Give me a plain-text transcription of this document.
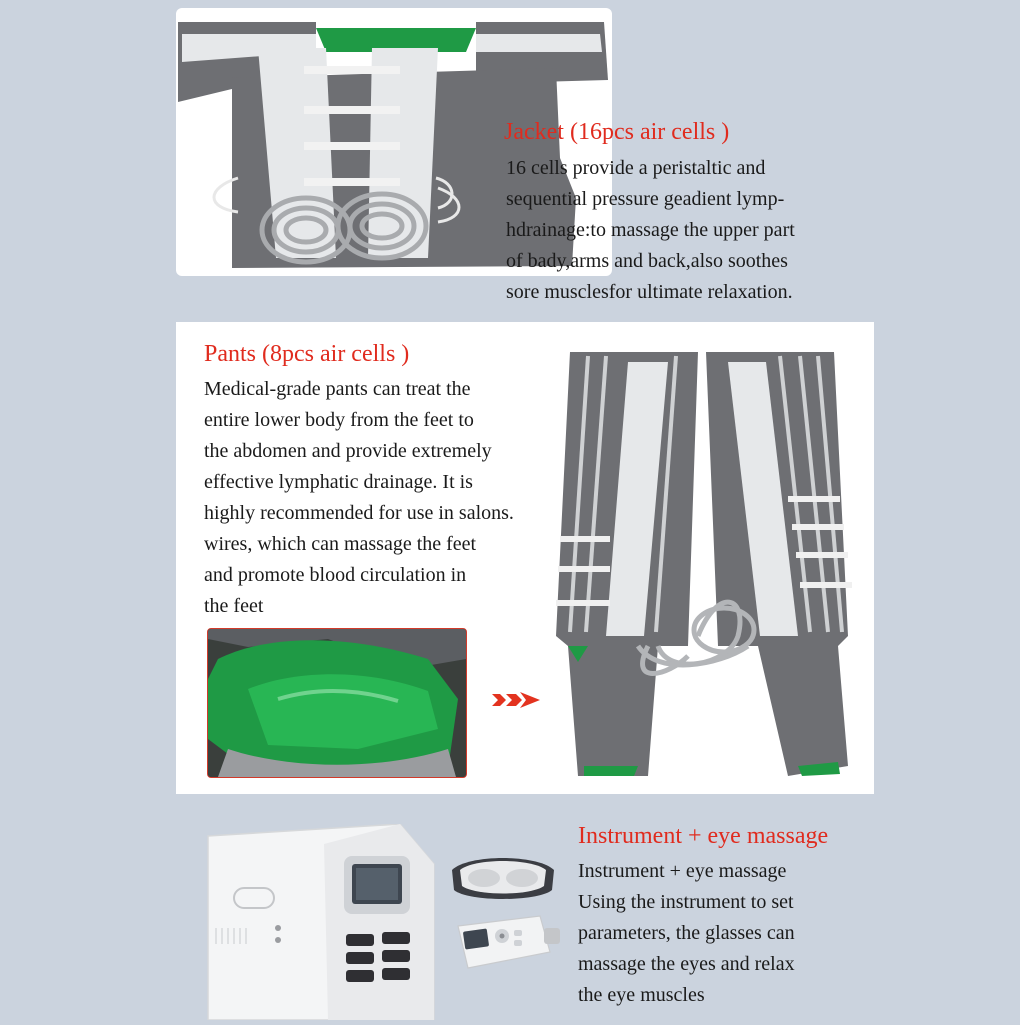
Jacket (16pcs air cells )
16 cells provide a peristaltic and
sequential pressure geadient lymp-
hdrainage:to massage the upper part
of bady,arms and back,also soothes
sore musclesfor ultimate relaxation.
Pants (8pcs air cells )
Medical-grade pants can treat the
entire lower body from the feet to
the abdomen and provide extremely
effective lymphatic drainage. It is
highly recommended for use in salons.
wires, which can massage the feet
and promote blood circulation in
the feet
Instrument + eye massage
Instrument + eye massage
Using the instrument to set
parameters, the glasses can
massage the eyes and relax
the eye muscles
